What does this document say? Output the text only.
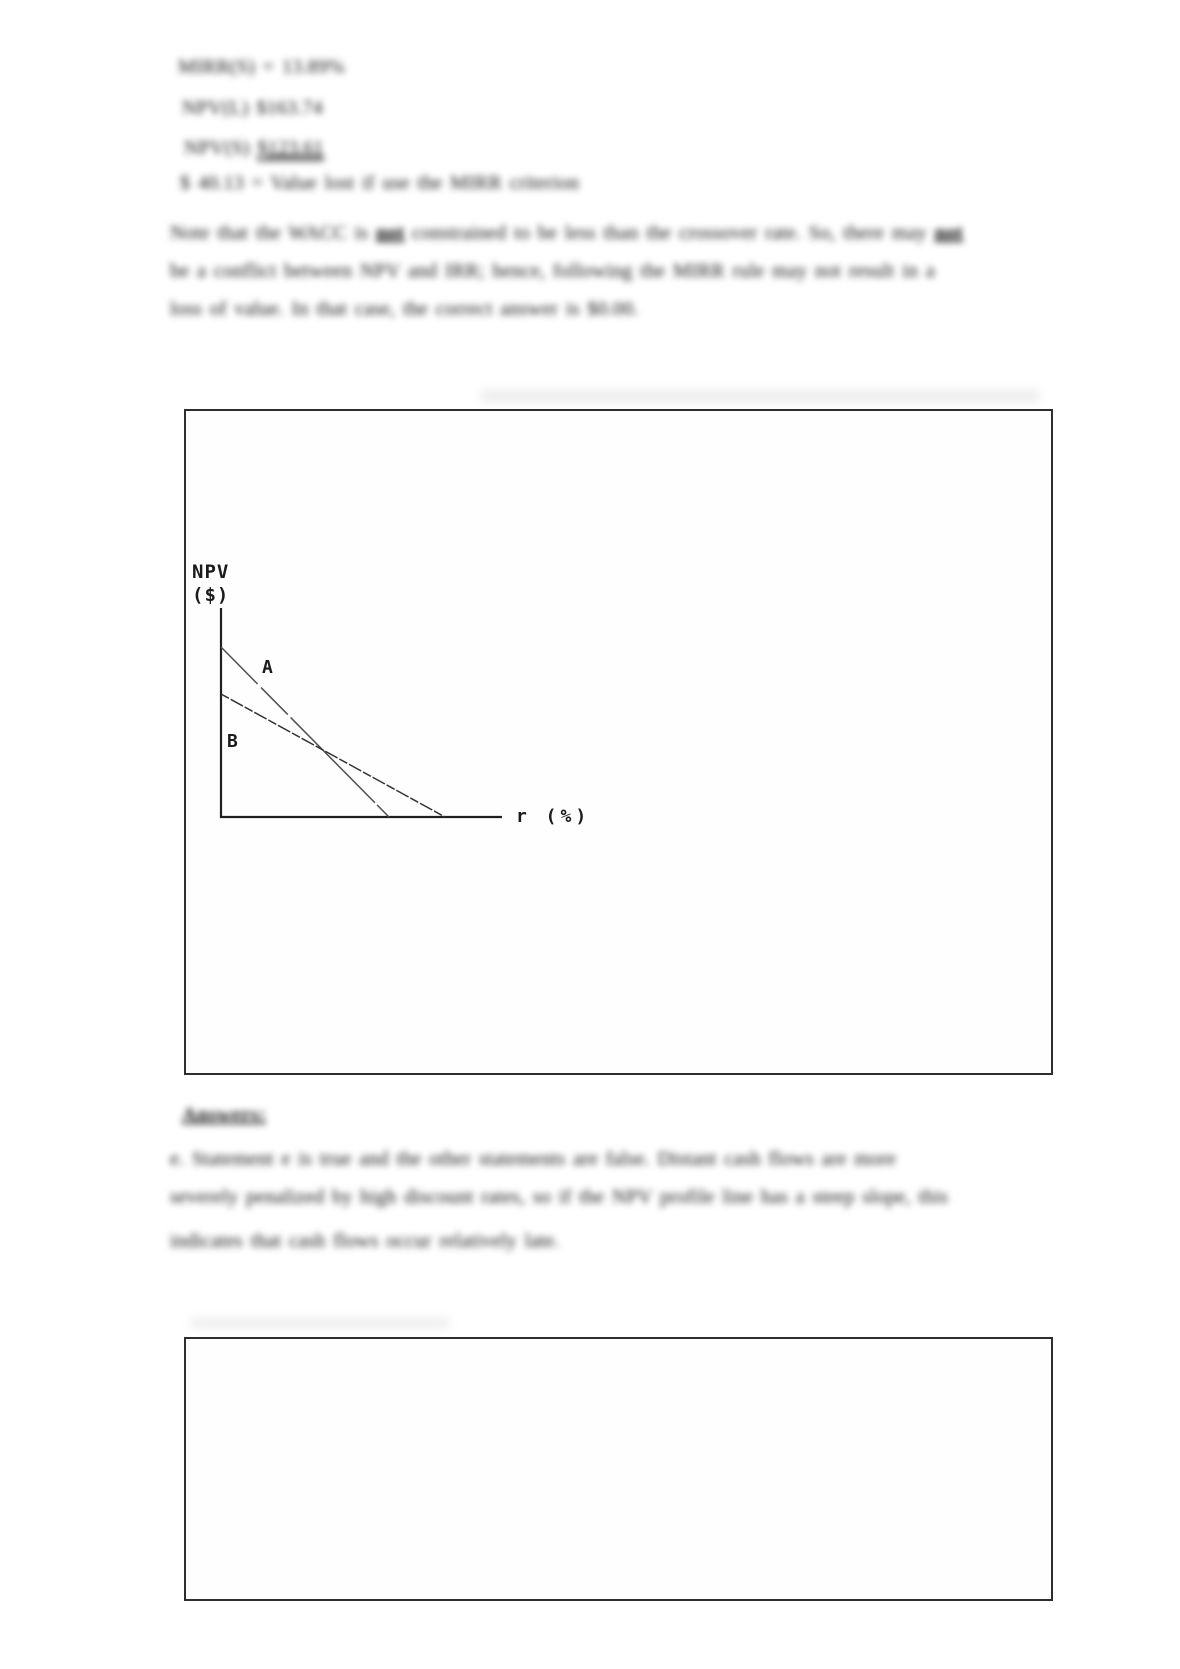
MIRR(S) = 13.89%
NPV(L) $163.74
NPV(S) $123.61
$ 40.13 = Value lost if use the MIRR criterion
Note that the WACC is not constrained to be less than the crossover rate. So, there may not
be a conflict between NPV and IRR; hence, following the MIRR rule may not result in a
loss of value. In that case, the correct answer is $0.00.
NPV
($)
A
B
r (%)
Answers:
e. Statement e is true and the other statements are false. Distant cash flows are more
severely penalized by high discount rates, so if the NPV profile line has a steep slope, this
indicates that cash flows occur relatively late.
